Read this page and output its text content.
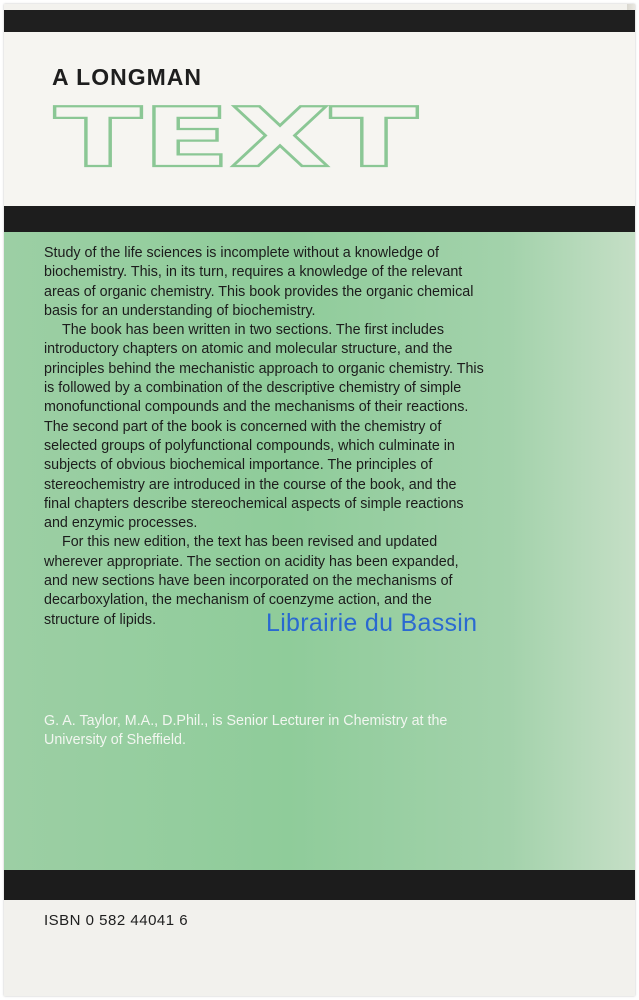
A LONGMAN
TEXT

Study of the life sciences is incomplete without a knowledge of biochemistry. This, in its turn, requires a knowledge of the relevant areas of organic chemistry. This book provides the organic chemical basis for an understanding of biochemistry.

The book has been written in two sections. The first includes introductory chapters on atomic and molecular structure, and the principles behind the mechanistic approach to organic chemistry. This is followed by a combination of the descriptive chemistry of simple monofunctional compounds and the mechanisms of their reactions. The second part of the book is concerned with the chemistry of selected groups of polyfunctional compounds, which culminate in subjects of obvious biochemical importance. The principles of stereochemistry are introduced in the course of the book, and the final chapters describe stereochemical aspects of simple reactions and enzymic processes.

For this new edition, the text has been revised and updated wherever appropriate. The section on acidity has been expanded, and new sections have been incorporated on the mechanisms of decarboxylation, the mechanism of coenzyme action, and the structure of lipids.

G. A. Taylor, M.A., D.Phil., is Senior Lecturer in Chemistry at the University of Sheffield.
Librairie du Bassin
ISBN 0 582 44041 6
